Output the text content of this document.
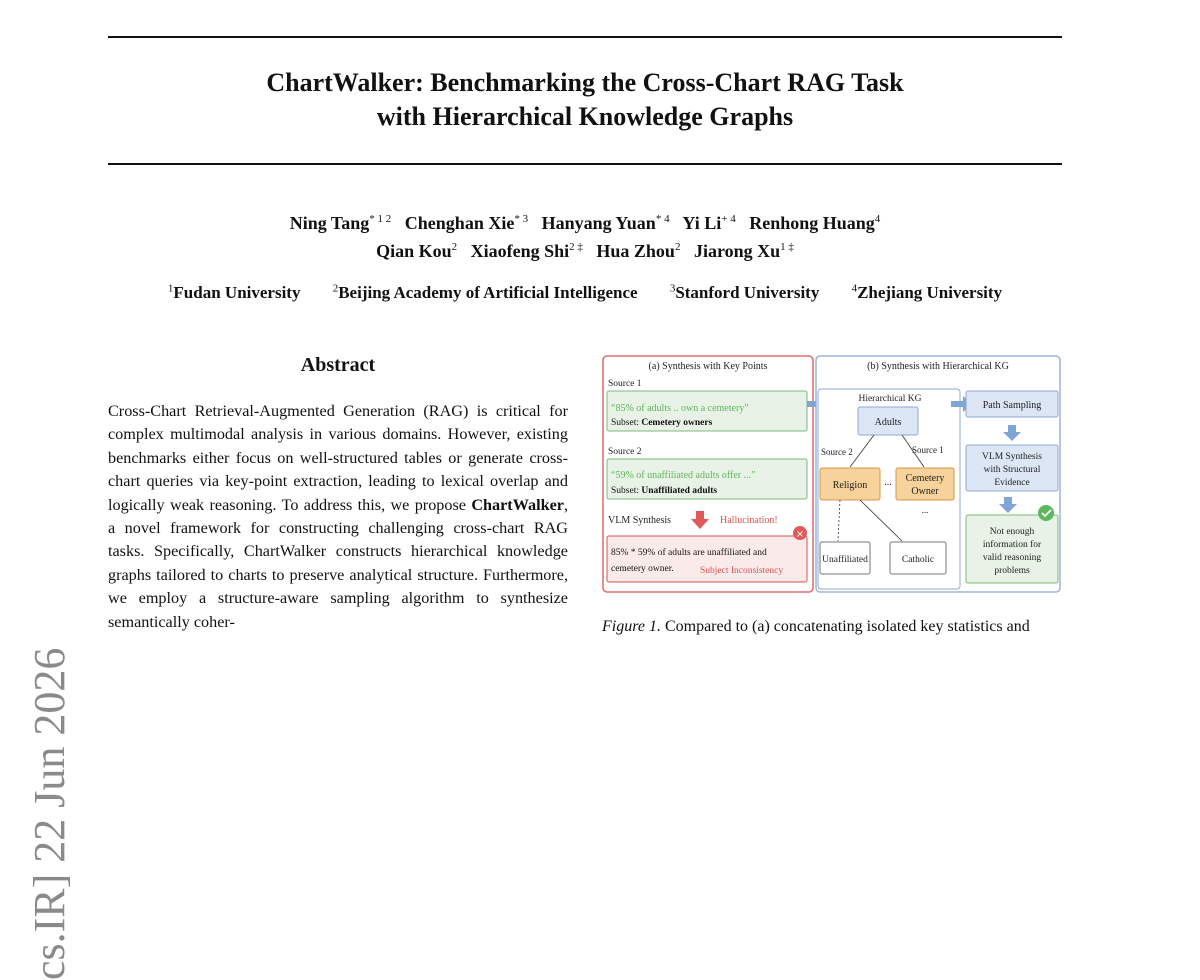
ChartWalker: Benchmarking the Cross-Chart RAG Task
with Hierarchical Knowledge Graphs
Ning Tang$^{* 1 2}$ Chenghan Xie$^{* 3}$ Hanyang Yuan$^{* 4}$ Yi $Li^{+ 4}$ Renhong Huang$^4$
Qian Kou$^2$ Xiaofeng Shi$^{2 \ddagger}$ Hua Zhou$^2$ Jiarong $Xu^{1 \ddagger}$
$^1$Fudan University	$^2$Beijing Academy of Artificial Intelligence	$^3$Stanford University	$^4$Zhejiang University
cs.IR] 22 Jun 2026
Abstract

Cross-Chart Retrieval-Augmented Generation (RAG) is critical for complex multimodal analysis in various domains. However, existing benchmarks either focus on well-structured tables or generate cross-chart queries via key-point extraction, leading to lexical overlap and logically weak reasoning. To address this, we propose ChartWalker, a novel framework for constructing challenging cross-chart RAG tasks. Specifically, ChartWalker constructs hierarchical knowledge graphs tailored to charts to preserve analytical structure. Furthermore, we employ a structure-aware sampling algorithm to synthesize semantically coher-

(a) Synthesis with Key Points
Source 1
“85% of adults .. own a cemetery”
Subset: Cemetery owners
Source 2
“59% of unaffiliated adults offer ...”
Subset: Unaffiliated adults
VLM Synthesis	Hallucination!
×
85% * 59% of adults are unaffiliated and
cemetery owner.	Subject Inconsistency
(b) Synthesis with Hierarchical KG
Hierarchical KG
Adults
Source 2	Source 1
Religion ... Cemetery
Owner
...
Unaffiliated	Catholic
Path Sampling
VLM Synthesis
with Structural
Evidence
Not enough
information for
valid reasoning
problems
Figure 1. Compared to (a) concatenating isolated key statistics and
